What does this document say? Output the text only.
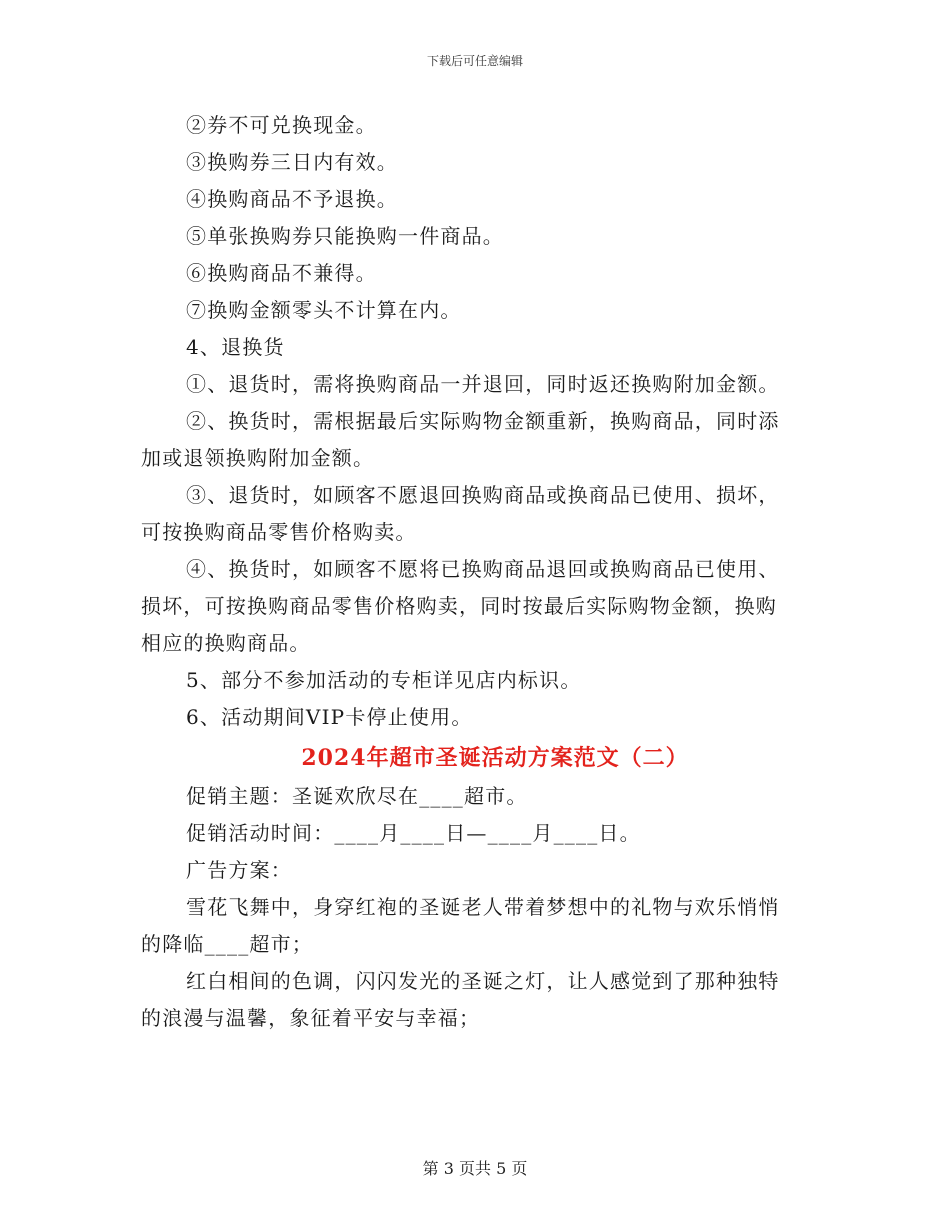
下载后可任意编辑
②券不可兑换现金。
③换购券三日内有效。
④换购商品不予退换。
⑤单张换购券只能换购一件商品。
⑥换购商品不兼得。
⑦换购金额零头不计算在内。
4、退换货
①、退货时，需将换购商品一并退回，同时返还换购附加金额。
②、换货时，需根据最后实际购物金额重新，换购商品，同时添
加或退领换购附加金额。
③、退货时，如顾客不愿退回换购商品或换商品已使用、损坏，
可按换购商品零售价格购卖。
④、换货时，如顾客不愿将已换购商品退回或换购商品已使用、
损坏，可按换购商品零售价格购卖，同时按最后实际购物金额，换购
相应的换购商品。
5、部分不参加活动的专柜详见店内标识。
6、活动期间VIP卡停止使用。
2024年超市圣诞活动方案范文（二）
促销主题：圣诞欢欣尽在____超市。
促销活动时间：____月____日—____月____日。
广告方案：
雪花飞舞中，身穿红袍的圣诞老人带着梦想中的礼物与欢乐悄悄
的降临____超市；
红白相间的色调，闪闪发光的圣诞之灯，让人感觉到了那种独特
的浪漫与温馨，象征着平安与幸福；
第 3 页共 5 页
